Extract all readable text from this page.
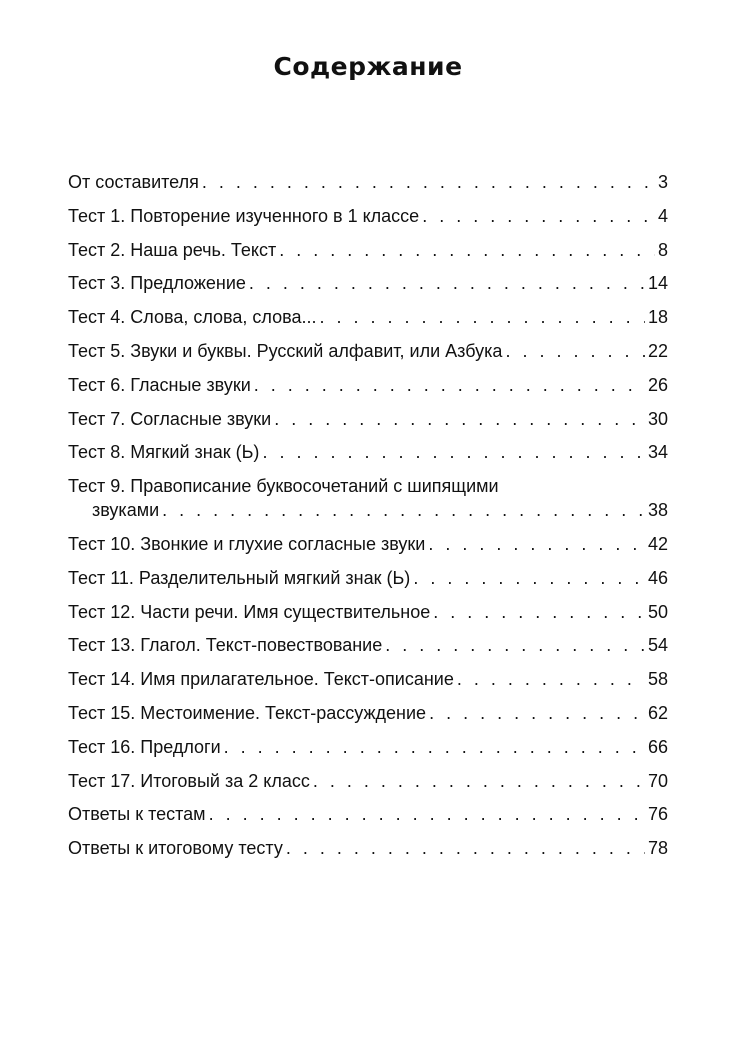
Содержание
От составителя . . .	3
Тест 1. Повторение изученного в 1 классе . . .	4
Тест 2. Наша речь. Текст . . .	8
Тест 3. Предложение . . .	14
Тест 4. Слова, слова, слова... . . .	18
Тест 5. Звуки и буквы. Русский алфавит, или Азбука . . .	22
Тест 6. Гласные звуки . . .	26
Тест 7. Согласные звуки . . .	30
Тест 8. Мягкий знак (Ь) . . .	34
Тест 9. Правописание буквосочетаний с шипящими
звуками . . .	38
Тест 10. Звонкие и глухие согласные звуки . . .	42
Тест 11. Разделительный мягкий знак (Ь) . . .	46
Тест 12. Части речи. Имя существительное . . .	50
Тест 13. Глагол. Текст-повествование . . .	54
Тест 14. Имя прилагательное. Текст-описание . . .	58
Тест 15. Местоимение. Текст-рассуждение . . .	62
Тест 16. Предлоги . . .	66
Тест 17. Итоговый за 2 класс . . .	70
Ответы к тестам . . .	76
Ответы к итоговому тесту . . .	78
